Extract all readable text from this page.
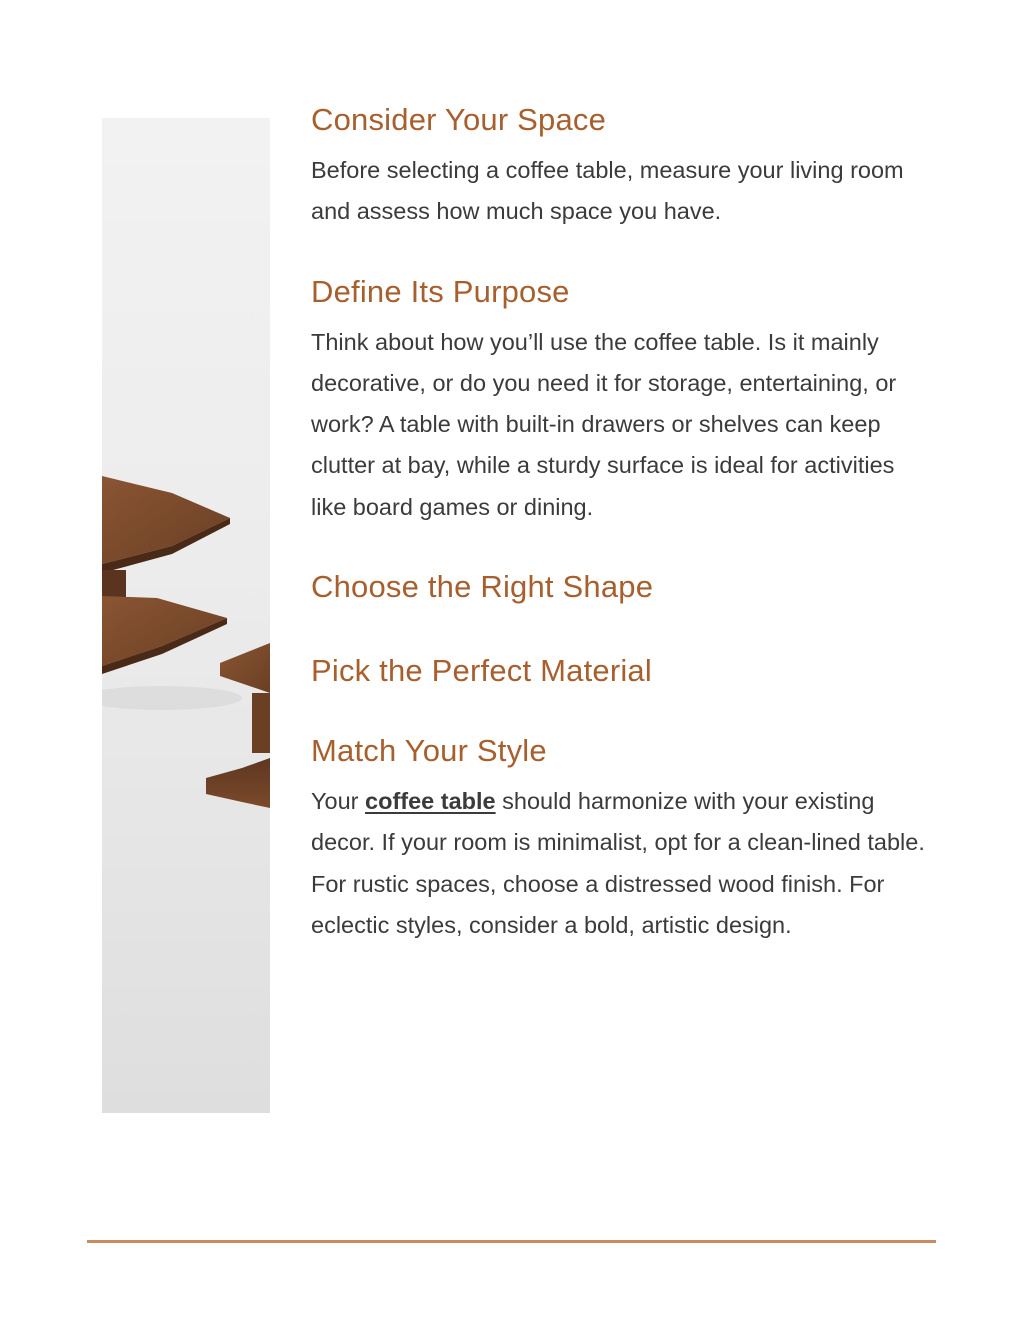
Consider Your Space

Before selecting a coffee table, measure your living room and assess how much space you have.

Define Its Purpose

Think about how you’ll use the coffee table. Is it mainly decorative, or do you need it for storage, entertaining, or work? A table with built-in drawers or shelves can keep clutter at bay, while a sturdy surface is ideal for activities like board games or dining.

Choose the Right Shape
Pick the Perfect Material
Match Your Style

Your coffee table should harmonize with your existing decor. If your room is minimalist, opt for a clean-lined table. For rustic spaces, choose a distressed wood finish. For eclectic styles, consider a bold, artistic design.
